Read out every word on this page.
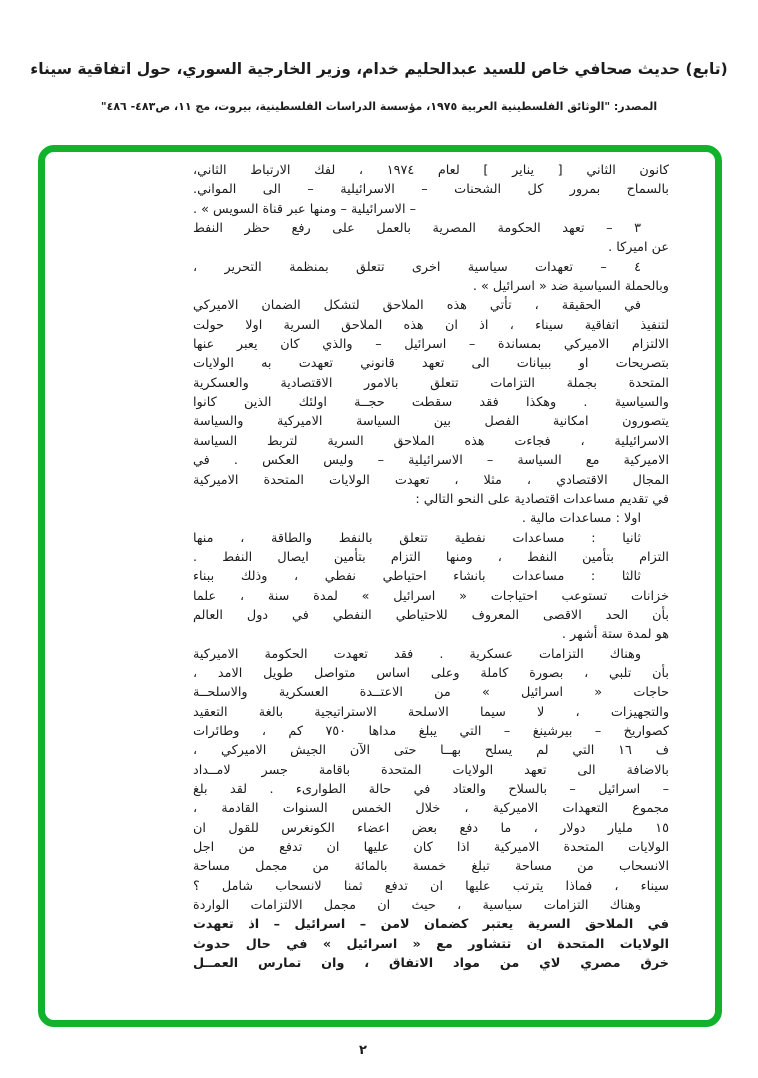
(تابع) حديث صحافي خاص للسيد عبدالحليم خدام، وزير الخارجية السوري، حول اتفاقية سيناء
المصدر: "الوثائق الفلسطينية العربية ١٩٧٥، مؤسسة الدراسات الفلسطينية، بيروت، مج ١١، ص٤٨٣- ٤٨٦"
كانون الثاني [ يناير ] لعام ١٩٧٤ ، لفك الارتباط الثاني،
بالسماح بمرور كل الشحنات – الاسرائيلية – الى المواني.
– الاسرائيلية – ومنها عبر قناة السويس » .
٣ – تعهد الحكومة المصرية بالعمل على رفع حظر النفط
عن اميركا .
٤ – تعهدات سياسية اخرى تتعلق بمنظمة التحرير ،
وبالحملة السياسية ضد « اسرائيل » .
في الحقيقة ، تأتي هذه الملاحق لتشكل الضمان الاميركي
لتنفيذ اتفاقية سيناء ، اذ ان هذه الملاحق السرية اولا حولت
الالتزام الاميركي بمساندة – اسرائيل – والذي كان يعبر عنها
بتصريحات او ببيانات الى تعهد قانوني تعهدت به الولايات
المتحدة بجملة التزامات تتعلق بالامور الاقتصادية والعسكرية
والسياسية . وهكذا فقد سقطت حجــة اولئك الذين كانوا
يتصورون امكانية الفصل بين السياسة الاميركية والسياسة
الاسرائيلية ، فجاءت هذه الملاحق السرية لتربط السياسة
الاميركية مع السياسة – الاسرائيلية – وليس العكس . في
المجال الاقتصادي ، مثلا ، تعهدت الولايات المتحدة الاميركية
في تقديم مساعدات اقتصادية على النحو التالي :
اولا : مساعدات مالية .
ثانيا : مساعدات نفطية تتعلق بالنفط والطاقة ، منها
التزام بتأمين النفط ، ومنها التزام بتأمين ايصال النفط .
ثالثا : مساعدات بانشاء احتياطي نفطي ، وذلك ببناء
خزانات تستوعب احتياجات « اسرائيل » لمدة سنة ، علما
بأن الحد الاقصى المعروف للاحتياطي النفطي في دول العالم
هو لمدة ستة أشهر .
وهناك التزامات عسكرية . فقد تعهدت الحكومة الاميركية
بأن تلبي ، بصورة كاملة وعلى اساس متواصل طويل الامد ،
حاجات « اسرائيل » من الاعتــدة العسكرية والاسلحــة
والتجهيزات ، لا سيما الاسلحة الاستراتيجية بالغة التعقيد
كصواريخ – بيرشينغ – التي يبلغ مداها ٧٥٠ كم ، وطائرات
ف ١٦ التي لم يسلح بهــا حتى الآن الجيش الاميركي ،
بالاضافة الى تعهد الولايات المتحدة باقامة جسر لامــداد
– اسرائيل – بالسلاح والعتاد في حالة الطوارىء . لقد بلغ
مجموع التعهدات الاميركية ، خلال الخمس السنوات القادمة ،
١٥ مليار دولار ، ما دفع بعض اعضاء الكونغرس للقول ان
الولايات المتحدة الاميركية اذا كان عليها ان تدفع من اجل
الانسحاب من مساحة تبلغ خمسة بالمائة من مجمل مساحة
سيناء ، فماذا يترتب عليها ان تدفع ثمنا لانسحاب شامل ؟
وهناك التزامات سياسية ، حيث ان مجمل الالتزامات الواردة
في الملاحق السرية يعتبر كضمان لامن – اسرائيل – اذ تعهدت
الولايات المتحدة ان تتشاور مع « اسرائيل » في حال حدوث
خرق مصري لاي من مواد الاتفاق ، وان تمارس العمــل
٢
